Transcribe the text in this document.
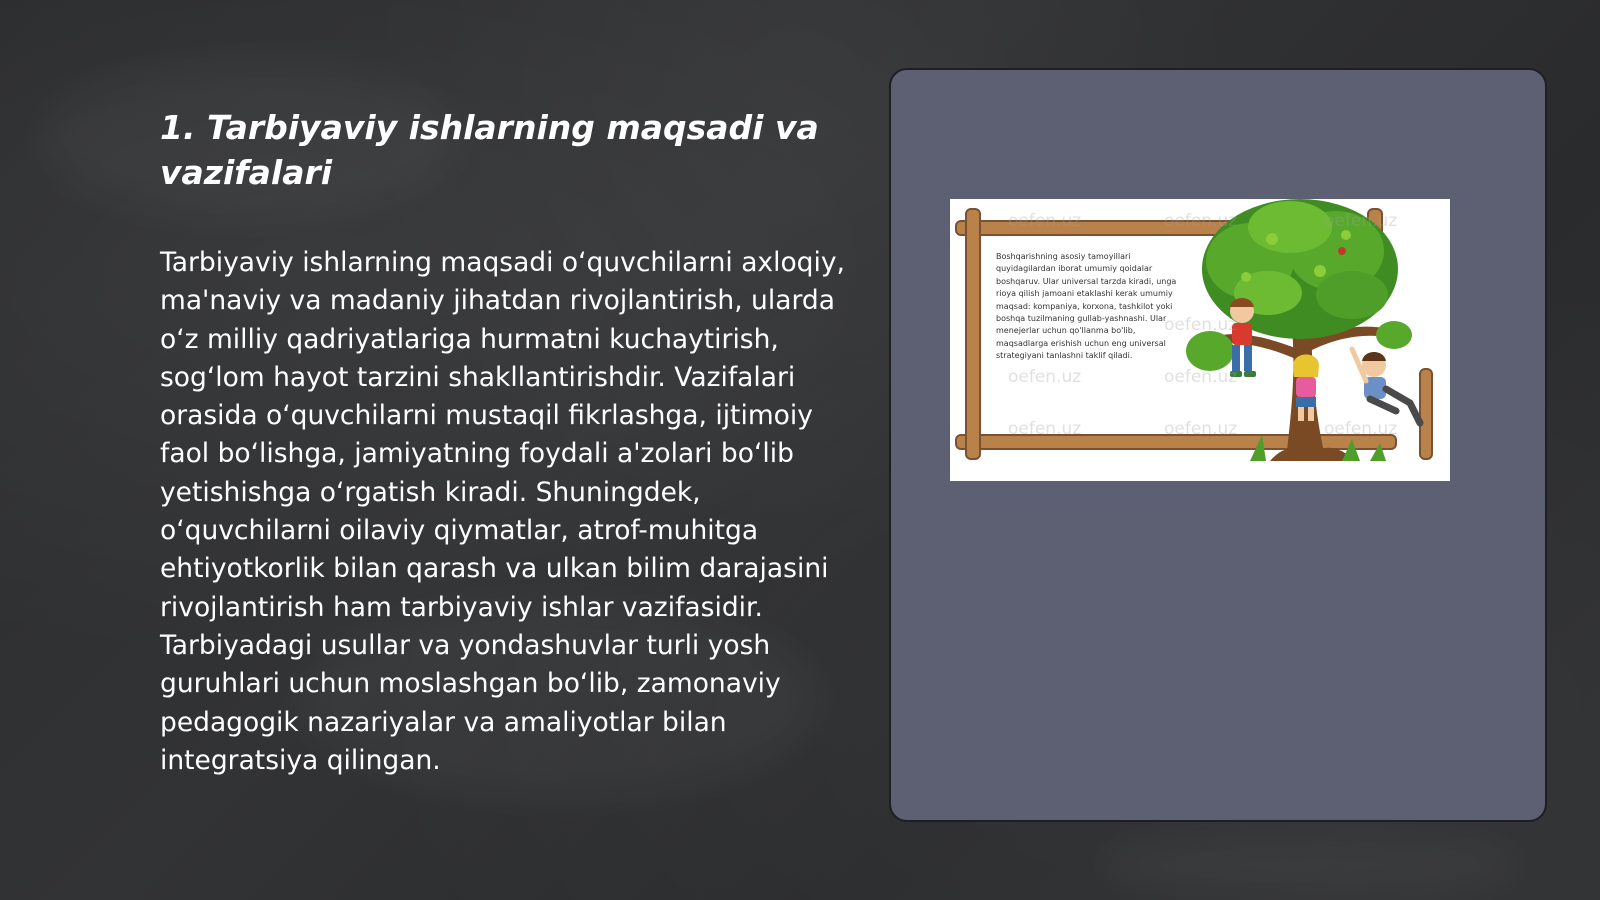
1. Tarbiyaviy ishlarning maqsadi va vazifalari

Tarbiyaviy ishlarning maqsadi o‘quvchilarni axloqiy, ma'naviy va madaniy jihatdan rivojlantirish, ularda o‘z milliy qadriyatlariga hurmatni kuchaytirish, sog‘lom hayot tarzini shakllantirishdir. Vazifalari orasida o‘quvchilarni mustaqil fikrlashga, ijtimoiy faol bo‘lishga, jamiyatning foydali a'zolari bo‘lib yetishishga o‘rgatish kiradi. Shuningdek, o‘quvchilarni oilaviy qiymatlar, atrof-muhitga ehtiyotkorlik bilan qarash va ulkan bilim darajasini rivojlantirish ham tarbiyaviy ishlar vazifasidir. Tarbiyadagi usullar va yondashuvlar turli yosh guruhlari uchun moslashgan bo‘lib, zamonaviy pedagogik nazariyalar va amaliyotlar bilan integratsiya qilingan.

Boshqarishning asosiy tamoyillari quyidagilardan iborat umumiy qoidalar boshqaruv. Ular universal tarzda kiradi, unga rioya qilish jamoani etaklashi kerak umumiy maqsad: kompaniya, korxona, tashkilot yoki boshqa tuzilmaning gullab-yashnashi. Ular menejerlar uchun qo'llanma bo'lib, maqsadlarga erishish uchun eng universal strategiyani tanlashni taklif qiladi.

oefen.uz	oefen.uz	oefen.uz
oefen.uz
oefen.uz	oefen.uz
oefen.uz	oefen.uz	oefen.uz
